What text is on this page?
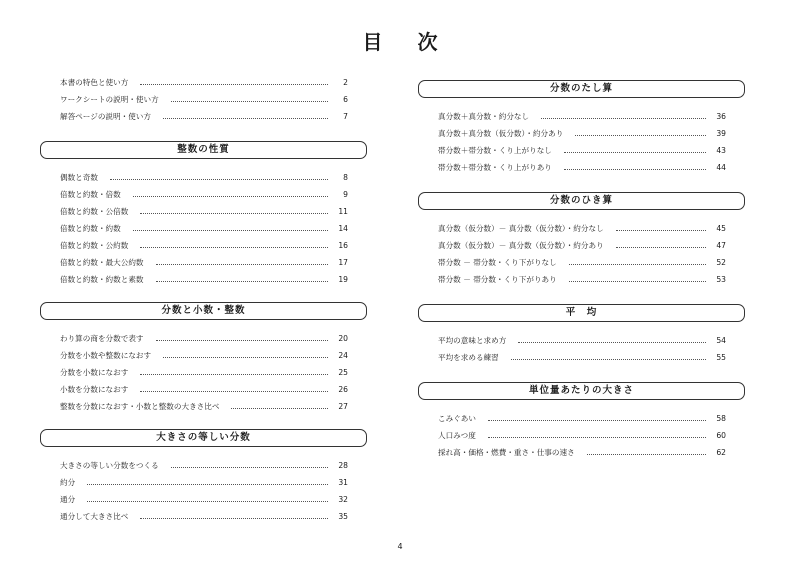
目 次
本書の特色と使い方	2
ワークシートの説明・使い方	6
解答ページの説明・使い方	7
整数の性質
偶数と奇数	8
倍数と約数・倍数	9
倍数と約数・公倍数	11
倍数と約数・約数	14
倍数と約数・公約数	16
倍数と約数・最大公約数	17
倍数と約数・約数と素数	19
分数と小数・整数
わり算の商を分数で表す	20
分数を小数や整数になおす	24
分数を小数になおす	25
小数を分数になおす	26
整数を分数になおす・小数と整数の大きさ比べ	27
大きさの等しい分数
大きさの等しい分数をつくる	28
約分	31
通分	32
通分して大きさ比べ	35
分数のたし算
真分数＋真分数・約分なし	36
真分数＋真分数（仮分数）・約分あり	39
帯分数＋帯分数・くり上がりなし	43
帯分数＋帯分数・くり上がりあり	44
分数のひき算
真分数（仮分数）－ 真分数（仮分数）・約分なし	45
真分数（仮分数）－ 真分数（仮分数）・約分あり	47
帯分数 － 帯分数・くり下がりなし	52
帯分数 － 帯分数・くり下がりあり	53
平　均
平均の意味と求め方	54
平均を求める練習	55
単位量あたりの大きさ
こみぐあい	58
人口みつ度	60
採れ高・価格・燃費・重さ・仕事の速さ	62
4
